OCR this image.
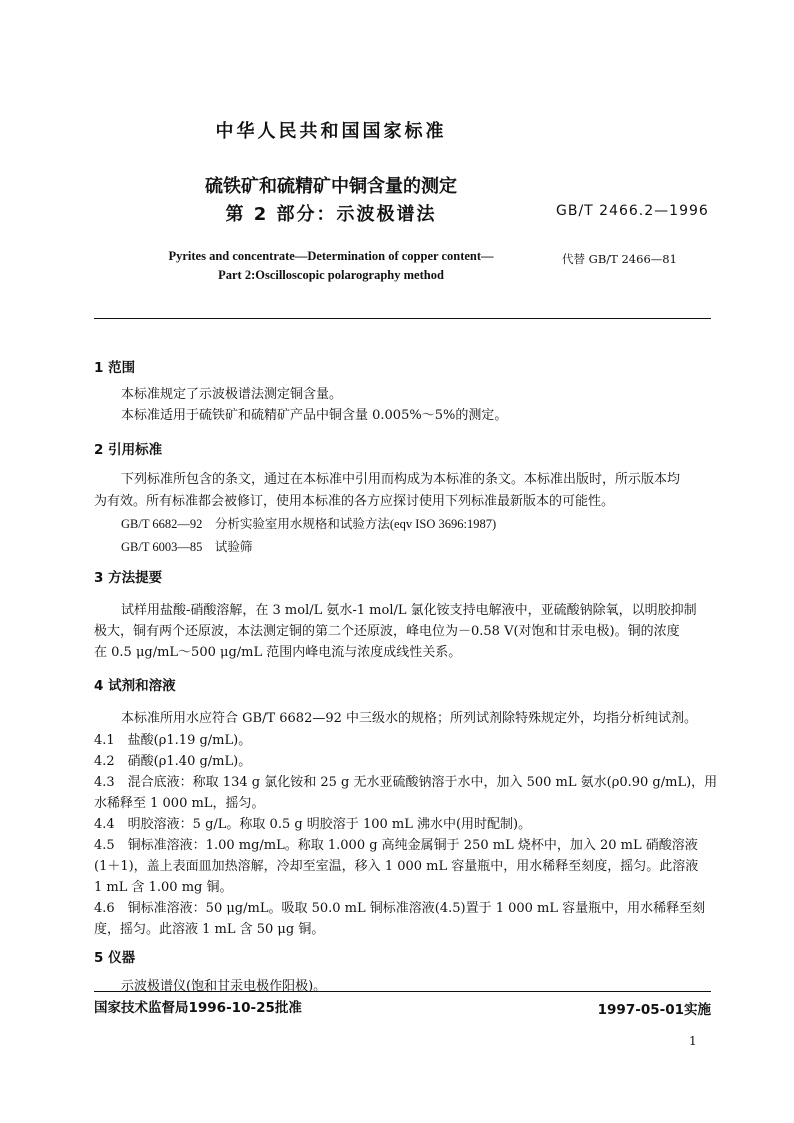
中华人民共和国国家标准
硫铁矿和硫精矿中铜含量的测定
第 2 部分：示波极谱法	GB/T 2466.2—1996
Pyrites and concentrate—Determination of copper content—
Part 2:Oscilloscopic polarography method
代替 GB/T 2466—81
1 范围
本标准规定了示波极谱法测定铜含量。
本标准适用于硫铁矿和硫精矿产品中铜含量 0.005%～5%的测定。
2 引用标准
下列标准所包含的条文，通过在本标准中引用而构成为本标准的条文。本标准出版时，所示版本均
为有效。所有标准都会被修订，使用本标准的各方应探讨使用下列标准最新版本的可能性。
GB/T 6682—92　分析实验室用水规格和试验方法(eqv ISO 3696:1987)
GB/T 6003—85　试验筛
3 方法提要
试样用盐酸-硝酸溶解，在 3 mol/L 氨水-1 mol/L 氯化铵支持电解液中，亚硫酸钠除氧，以明胶抑制
极大，铜有两个还原波，本法测定铜的第二个还原波，峰电位为－0.58 V(对饱和甘汞电极)。铜的浓度
在 0.5 μg/mL～500 μg/mL 范围内峰电流与浓度成线性关系。
4 试剂和溶液
本标准所用水应符合 GB/T 6682—92 中三级水的规格；所列试剂除特殊规定外，均指分析纯试剂。
4.1　盐酸(ρ1.19 g/mL)。
4.2　硝酸(ρ1.40 g/mL)。
4.3　混合底液：称取 134 g 氯化铵和 25 g 无水亚硫酸钠溶于水中，加入 500 mL 氨水(ρ0.90 g/mL)，用
水稀释至 1 000 mL，摇匀。
4.4　明胶溶液：5 g/L。称取 0.5 g 明胶溶于 100 mL 沸水中(用时配制)。
4.5　铜标准溶液：1.00 mg/mL。称取 1.000 g 高纯金属铜于 250 mL 烧杯中，加入 20 mL 硝酸溶液
(1＋1)，盖上表面皿加热溶解，冷却至室温，移入 1 000 mL 容量瓶中，用水稀释至刻度，摇匀。此溶液
1 mL 含 1.00 mg 铜。
4.6　铜标准溶液：50 μg/mL。吸取 50.0 mL 铜标准溶液(4.5)置于 1 000 mL 容量瓶中，用水稀释至刻
度，摇匀。此溶液 1 mL 含 50 μg 铜。
5 仪器
示波极谱仪(饱和甘汞电极作阳极)。
国家技术监督局1996-10-25批准	1997-05-01实施
1
